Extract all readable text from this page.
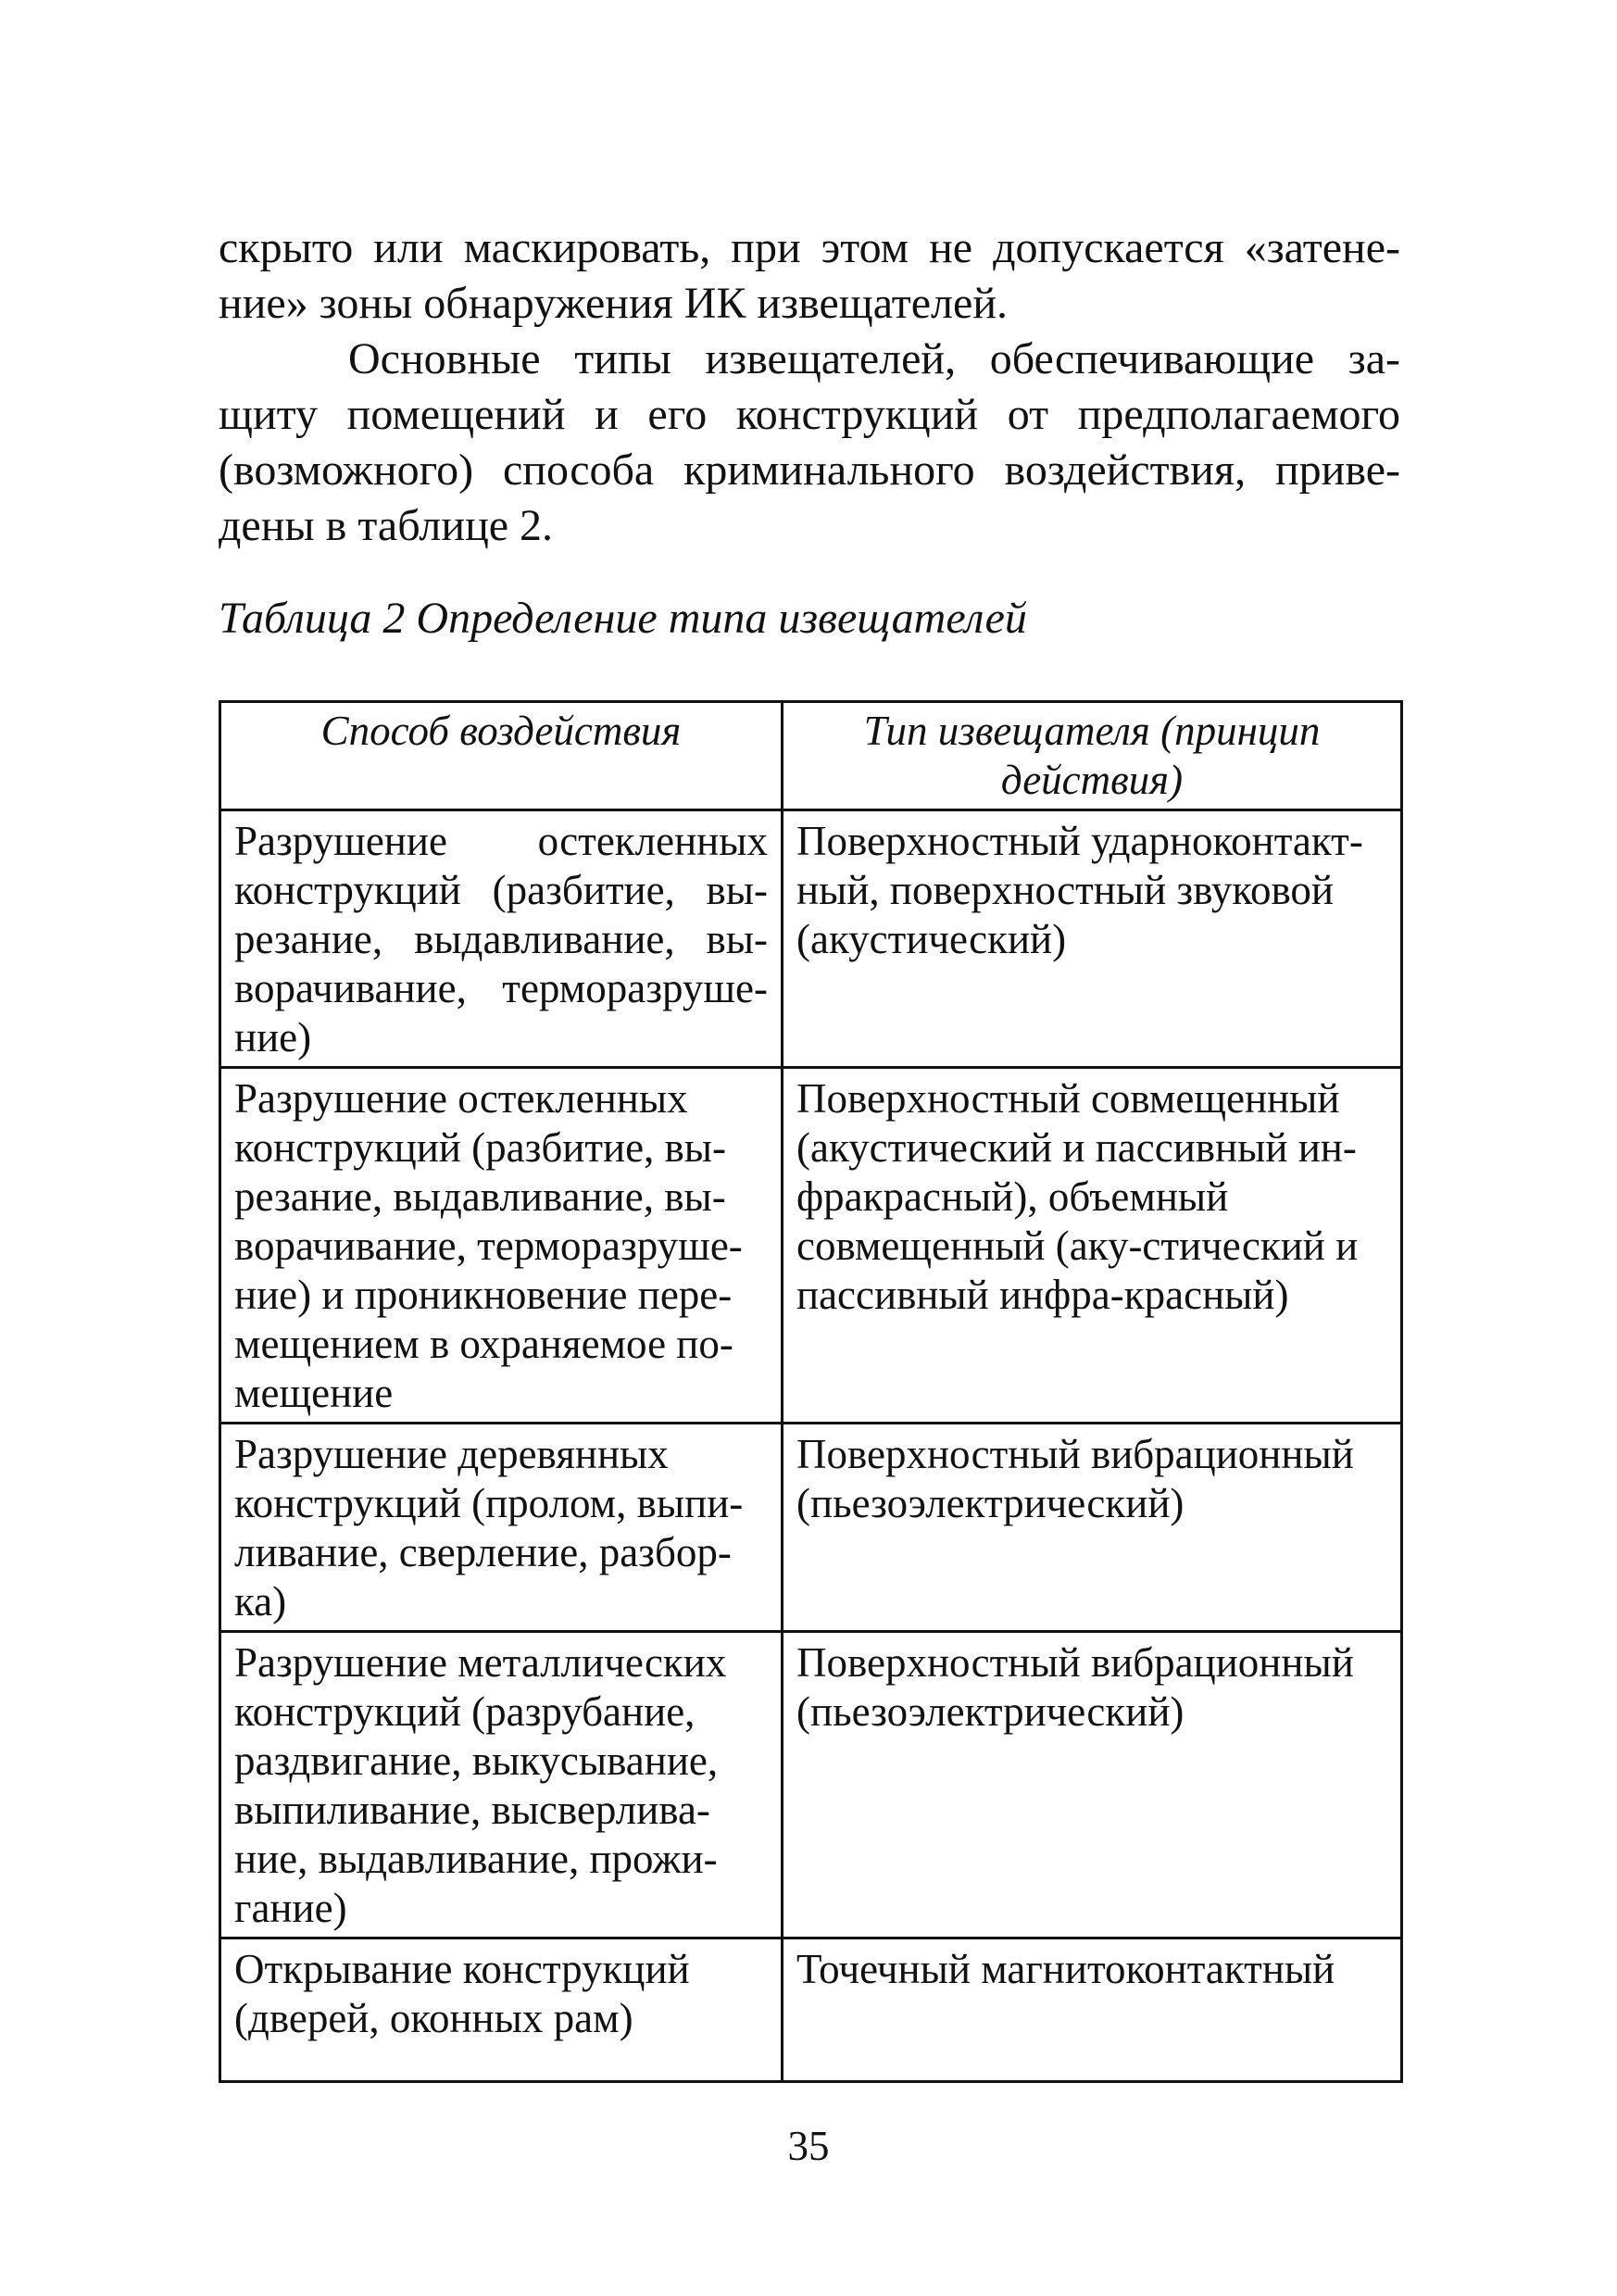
скрыто или маскировать, при этом не допускается «затене-ние» зоны обнаружения ИК извещателей.

Основные типы извещателей, обеспечивающие за-щиту помещений и его конструкций от предполагаемого (возможного) способа криминального воздействия, приве-дены в таблице 2.

Таблица 2 Определение типа извещателей

Способ воздействия	Тип извещателя (принцип действия)
Разрушение остекленных конструкций (разбитие, вы-резание, выдавливание, вы-ворачивание, терморазруше-ние)	Поверхностный ударноконтакт-ный, поверхностный звуковой (акустический)
Разрушение остекленных конструкций (разбитие, вы-резание, выдавливание, вы-ворачивание, терморазруше-ние) и проникновение пере-мещением в охраняемое по-мещение	Поверхностный совмещенный (акустический и пассивный ин-фракрасный), объемный совмещенный (аку-стический и пассивный инфра-красный)
Разрушение деревянных конструкций (пролом, выпи-ливание, сверление, разбор-ка)	Поверхностный вибрационный (пьезоэлектрический)
Разрушение металлических конструкций (разрубание, раздвигание, выкусывание, выпиливание, высверлива-ние, выдавливание, прожи-гание)	Поверхностный вибрационный (пьезоэлектрический)
Открывание конструкций (дверей, оконных рам)	Точечный магнитоконтактный
35
